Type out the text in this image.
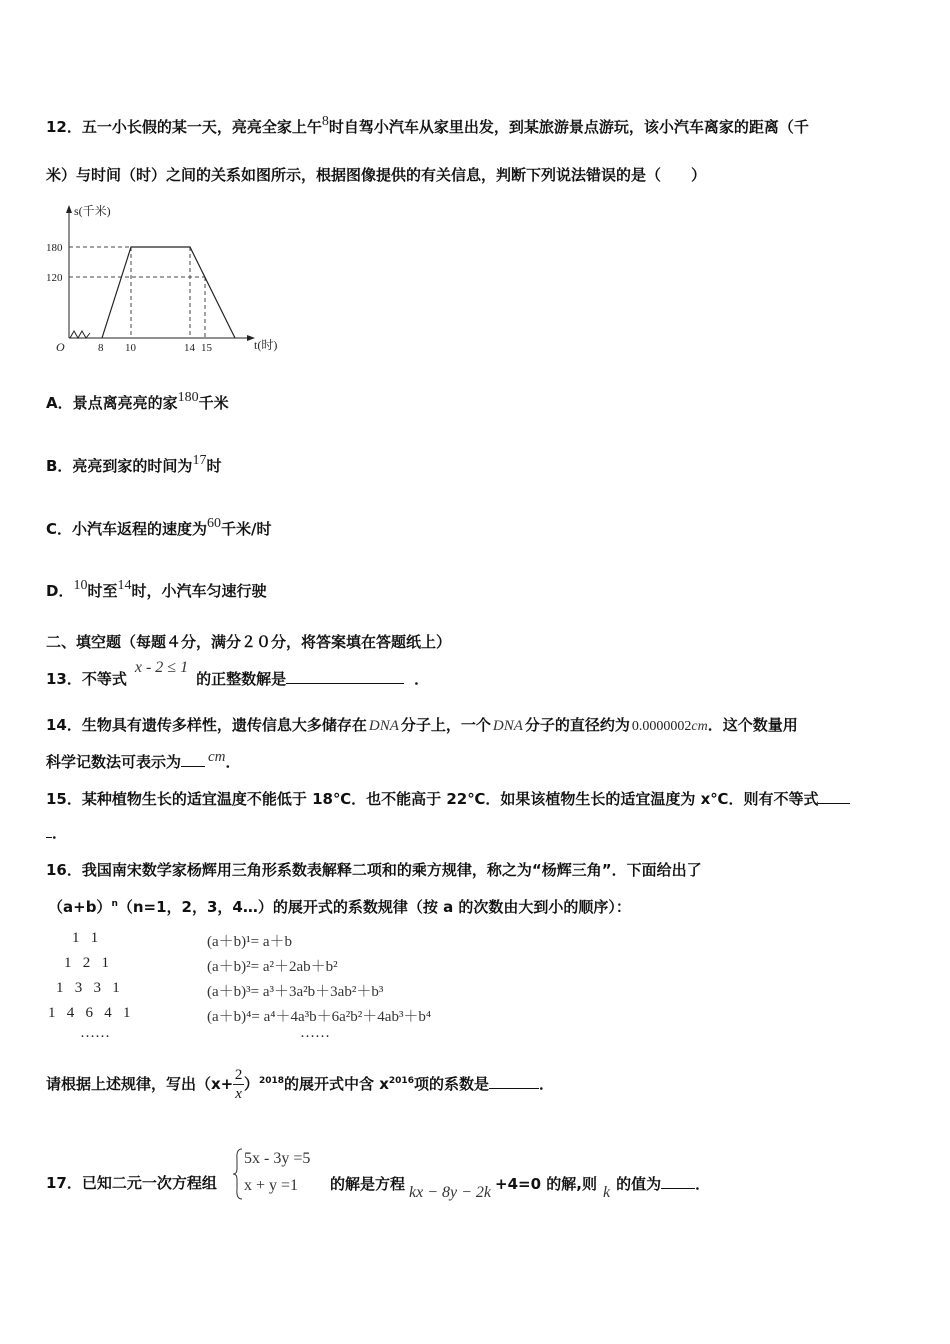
12．五一小长假的某一天，亮亮全家上午8时自驾小汽车从家里出发，到某旅游景点游玩，该小汽车离家的距离（千
米）与时间（时）之间的关系如图所示，根据图像提供的有关信息，判断下列说法错误的是（　　）
s(千米)
180
120
O	8 10	14 15	t(时)
A．景点离亮亮的家180千米
B．亮亮到家的时间为17时
C．小汽车返程的速度为60千米/时
D．10时至14时，小汽车匀速行驶
二、填空题（每题４分，满分２０分，将答案填在答题纸上）
13．不等式x - 2 ≤ 1的正整数解是	．
14．生物具有遗传多样性，遗传信息大多储存在 DNA 分子上，一个 DNA 分子的直径约为 0.0000002cm．这个数量用
科学记数法可表示为 cm．
15．某种植物生长的适宜温度不能低于 18℃．也不能高于 22℃．如果该植物生长的适宜温度为 x℃．则有不等式
．
16．我国南宋数学家杨辉用三角形系数表解释二项和的乘方规律，称之为“杨辉三角”．下面给出了
$(a+b)^n(n=1$，2，3，4…）的展开式的系数规律（按 a 的次数由大到小的顺序）：
1   1
1   2   1
1   3   3   1
1   4   6   4   1
……
(a＋b)¹= a＋b
(a＋b)²= a²＋2ab＋b²
(a＋b)³= a³＋3a²b＋3ab²＋b³
(a＋b)⁴= a⁴＋4a³b＋6a²b²＋4ab³＋b⁴
……
请根据上述规律，写出$(x+ \frac{2}{x} )^{2018}$的展开式中含 $x^{2016}$项的系数是	．
17．已知二元一次方程组
5x - 3y =5
x + y =1 的解是方程 kx − 8y − 2k +4=0 的解,则 k 的值为 ．
